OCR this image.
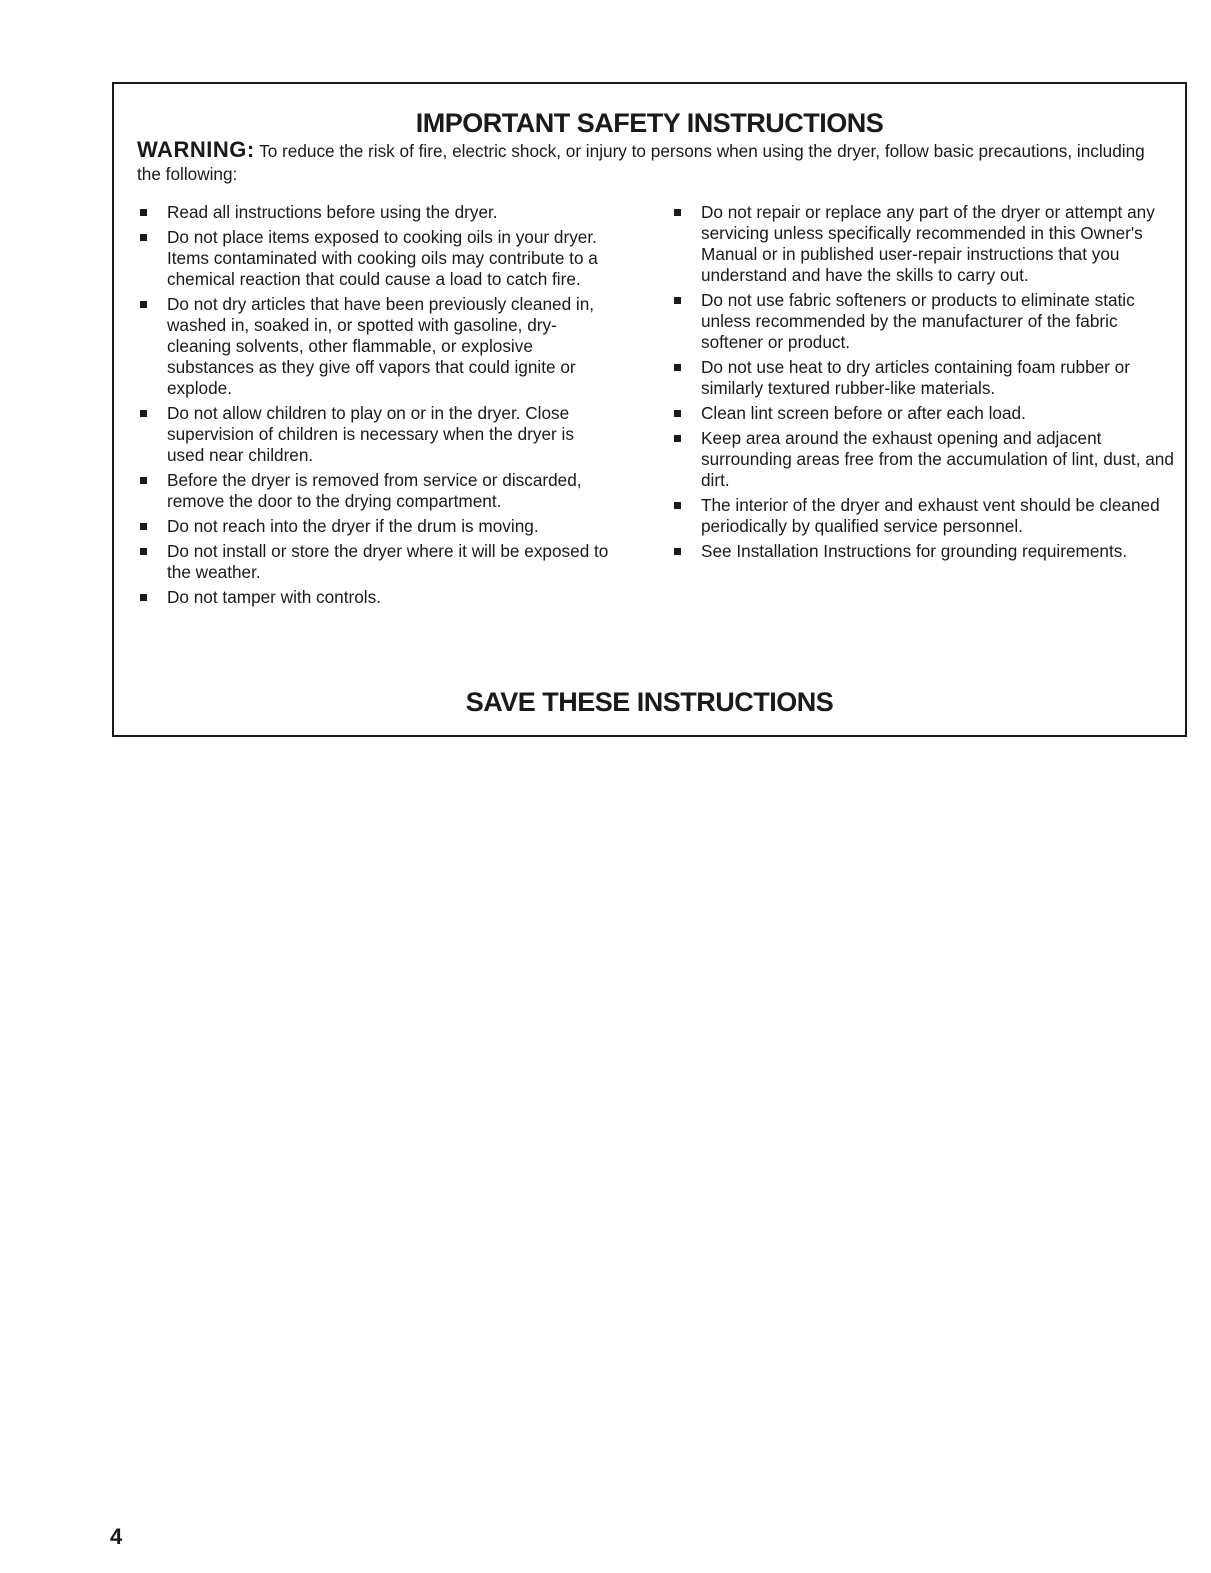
IMPORTANT SAFETY INSTRUCTIONS

WARNING: To reduce the risk of fire, electric shock, or injury to persons when using the dryer, follow basic precautions, including the following:

Read all instructions before using the dryer.
Do not place items exposed to cooking oils in your dryer. Items contaminated with cooking oils may contribute to a chemical reaction that could cause a load to catch fire.
Do not dry articles that have been previously cleaned in, washed in, soaked in, or spotted with gasoline, dry-cleaning solvents, other flammable, or explosive substances as they give off vapors that could ignite or explode.
Do not allow children to play on or in the dryer. Close supervision of children is necessary when the dryer is used near children.
Before the dryer is removed from service or discarded, remove the door to the drying compartment.
Do not reach into the dryer if the drum is moving.
Do not install or store the dryer where it will be exposed to the weather.
Do not tamper with controls.
Do not repair or replace any part of the dryer or attempt any servicing unless specifically recommended in this Owner's Manual or in published user-repair instructions that you understand and have the skills to carry out.
Do not use fabric softeners or products to eliminate static unless recommended by the manufacturer of the fabric softener or product.
Do not use heat to dry articles containing foam rubber or similarly textured rubber-like materials.
Clean lint screen before or after each load.
Keep area around the exhaust opening and adjacent surrounding areas free from the accumulation of lint, dust, and dirt.
The interior of the dryer and exhaust vent should be cleaned periodically by qualified service personnel.
See Installation Instructions for grounding requirements.
SAVE THESE INSTRUCTIONS
4
